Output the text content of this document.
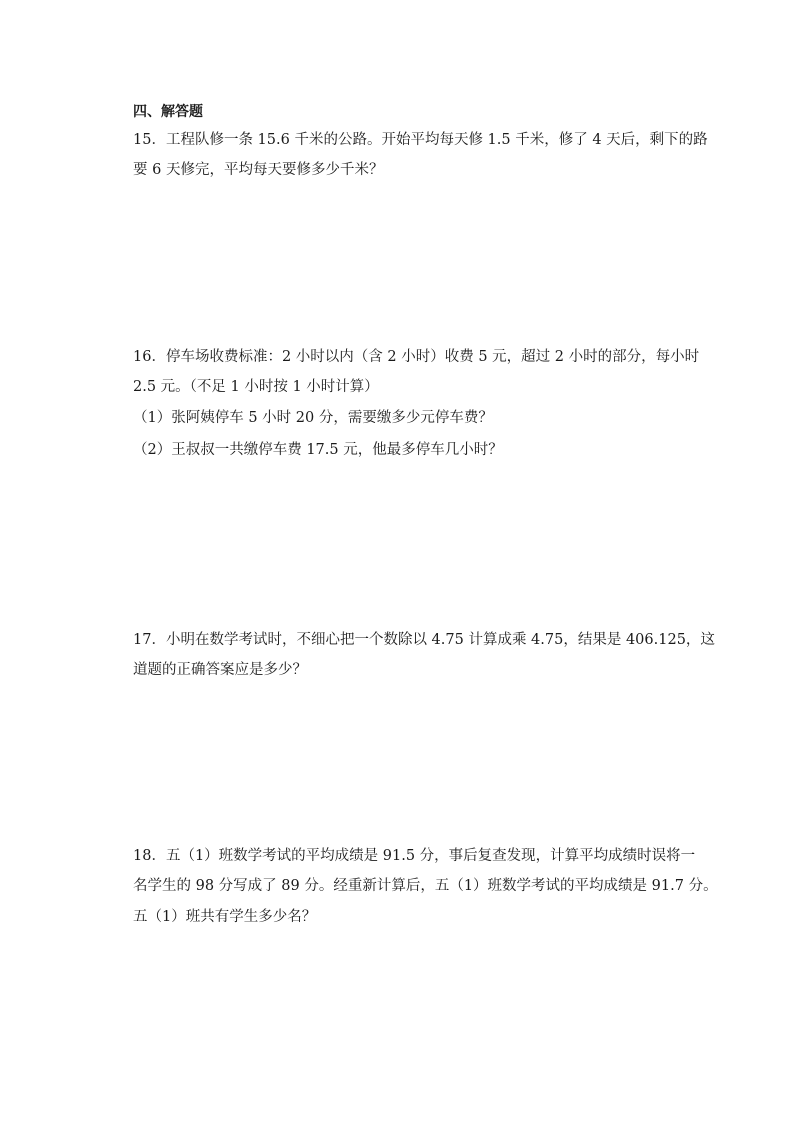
四、解答题
15．工程队修一条 15.6 千米的公路。开始平均每天修 1.5 千米，修了 4 天后，剩下的路
要 6 天修完，平均每天要修多少千米？
16．停车场收费标准：2 小时以内（含 2 小时）收费 5 元，超过 2 小时的部分，每小时
2.5 元。（不足 1 小时按 1 小时计算）
（1）张阿姨停车 5 小时 20 分，需要缴多少元停车费？
（2）王叔叔一共缴停车费 17.5 元，他最多停车几小时？
17．小明在数学考试时，不细心把一个数除以 4.75 计算成乘 4.75，结果是 406.125，这
道题的正确答案应是多少？
18．五（1）班数学考试的平均成绩是 91.5 分，事后复查发现，计算平均成绩时误将一
名学生的 98 分写成了 89 分。经重新计算后，五（1）班数学考试的平均成绩是 91.7 分。
五（1）班共有学生多少名？
